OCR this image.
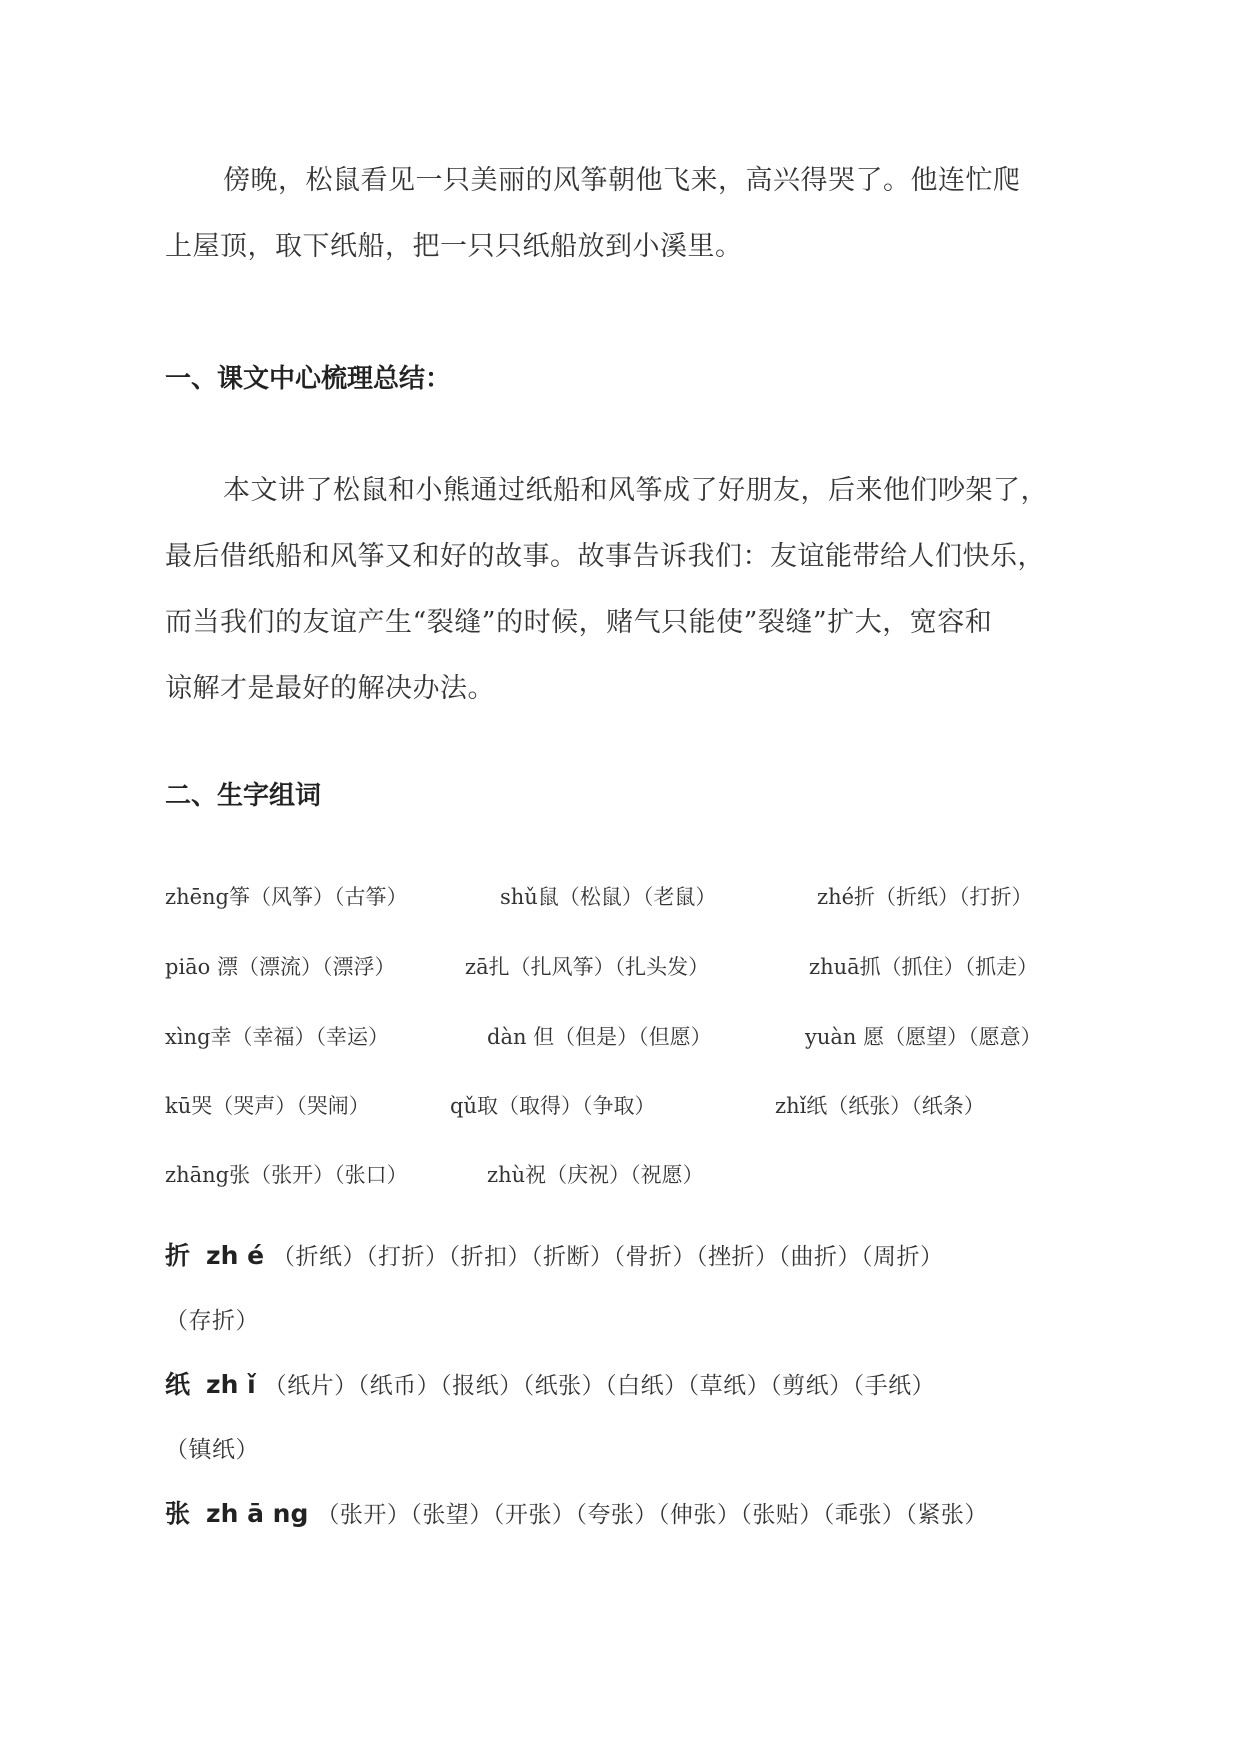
傍晚，松鼠看见一只美丽的风筝朝他飞来，高兴得哭了。他连忙爬
上屋顶，取下纸船，把一只只纸船放到小溪里。
一、课文中心梳理总结：
本文讲了松鼠和小熊通过纸船和风筝成了好朋友，后来他们吵架了，
最后借纸船和风筝又和好的故事。故事告诉我们：友谊能带给人们快乐，
而当我们的友谊产生“裂缝”的时候，赌气只能使”裂缝”扩大，宽容和
谅解才是最好的解决办法。
二、生字组词
zhēng筝（风筝）（古筝）	shǔ鼠（松鼠）（老鼠）	zhé折（折纸）（打折）
piāo 漂（漂流）（漂浮）	zā扎（扎风筝）（扎头发）	zhuā抓（抓住）（抓走）
xìng幸（幸福）（幸运）	dàn 但（但是）（但愿）	yuàn 愿（愿望）（愿意）
kū哭（哭声）（哭闹）	qǔ取（取得）（争取）	zhǐ纸（纸张）（纸条）
zhāng张（张开）（张口）	zhù祝（庆祝）（祝愿）
折 zh é （折纸）（打折）（折扣）（折断）（骨折）（挫折）（曲折）（周折）
（存折）
纸 zh ǐ （纸片）（纸币）（报纸）（纸张）（白纸）（草纸）（剪纸）（手纸）
（镇纸）
张 zh ā ng （张开）（张望）（开张）（夸张）（伸张）（张贴）（乖张）（紧张）
